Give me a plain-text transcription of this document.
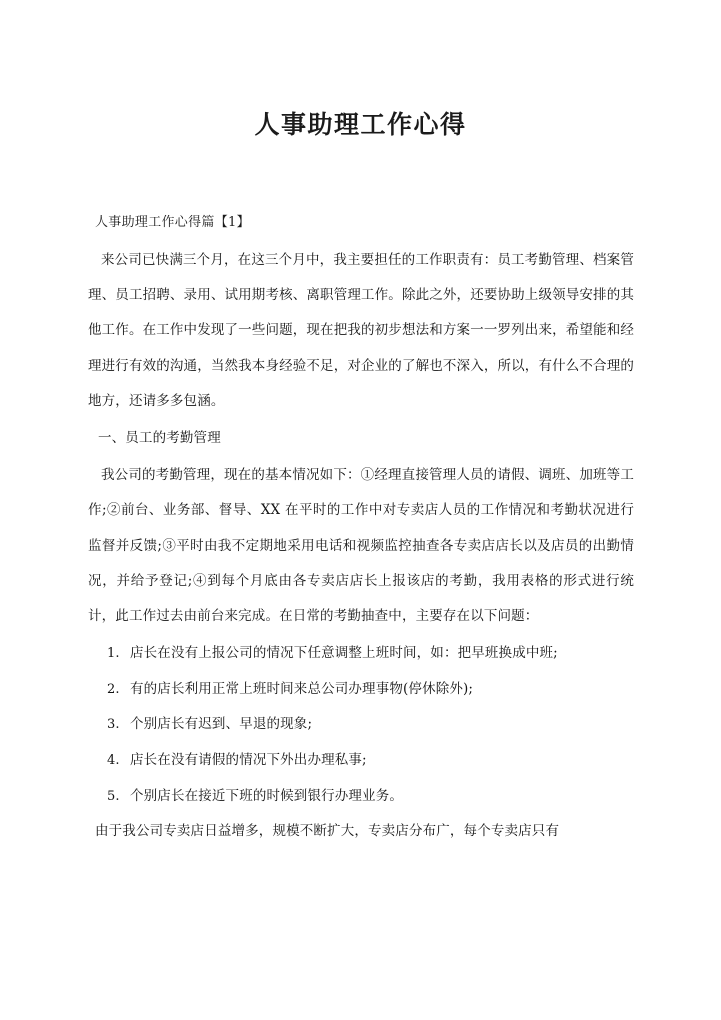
人事助理工作心得
人事助理工作心得篇【1】

来公司已快满三个月，在这三个月中，我主要担任的工作职责有：员工考勤管理、档案管理、员工招聘、录用、试用期考核、离职管理工作。除此之外，还要协助上级领导安排的其他工作。在工作中发现了一些问题，现在把我的初步想法和方案一一罗列出来，希望能和经理进行有效的沟通，当然我本身经验不足，对企业的了解也不深入，所以，有什么不合理的地方，还请多多包涵。

一、员工的考勤管理

我公司的考勤管理，现在的基本情况如下：①经理直接管理人员的请假、调班、加班等工作;②前台、业务部、督导、XX 在平时的工作中对专卖店人员的工作情况和考勤状况进行监督并反馈;③平时由我不定期地采用电话和视频监控抽查各专卖店店长以及店员的出勤情况，并给予登记;④到每个月底由各专卖店店长上报该店的考勤，我用表格的形式进行统计，此工作过去由前台来完成。在日常的考勤抽查中，主要存在以下问题：

1. 店长在没有上报公司的情况下任意调整上班时间，如：把早班换成中班;
2. 有的店长利用正常上班时间来总公司办理事物(停休除外);
3. 个别店长有迟到、早退的现象;
4. 店长在没有请假的情况下外出办理私事;
5. 个别店长在接近下班的时候到银行办理业务。

由于我公司专卖店日益增多，规模不断扩大，专卖店分布广，每个专卖店只有
